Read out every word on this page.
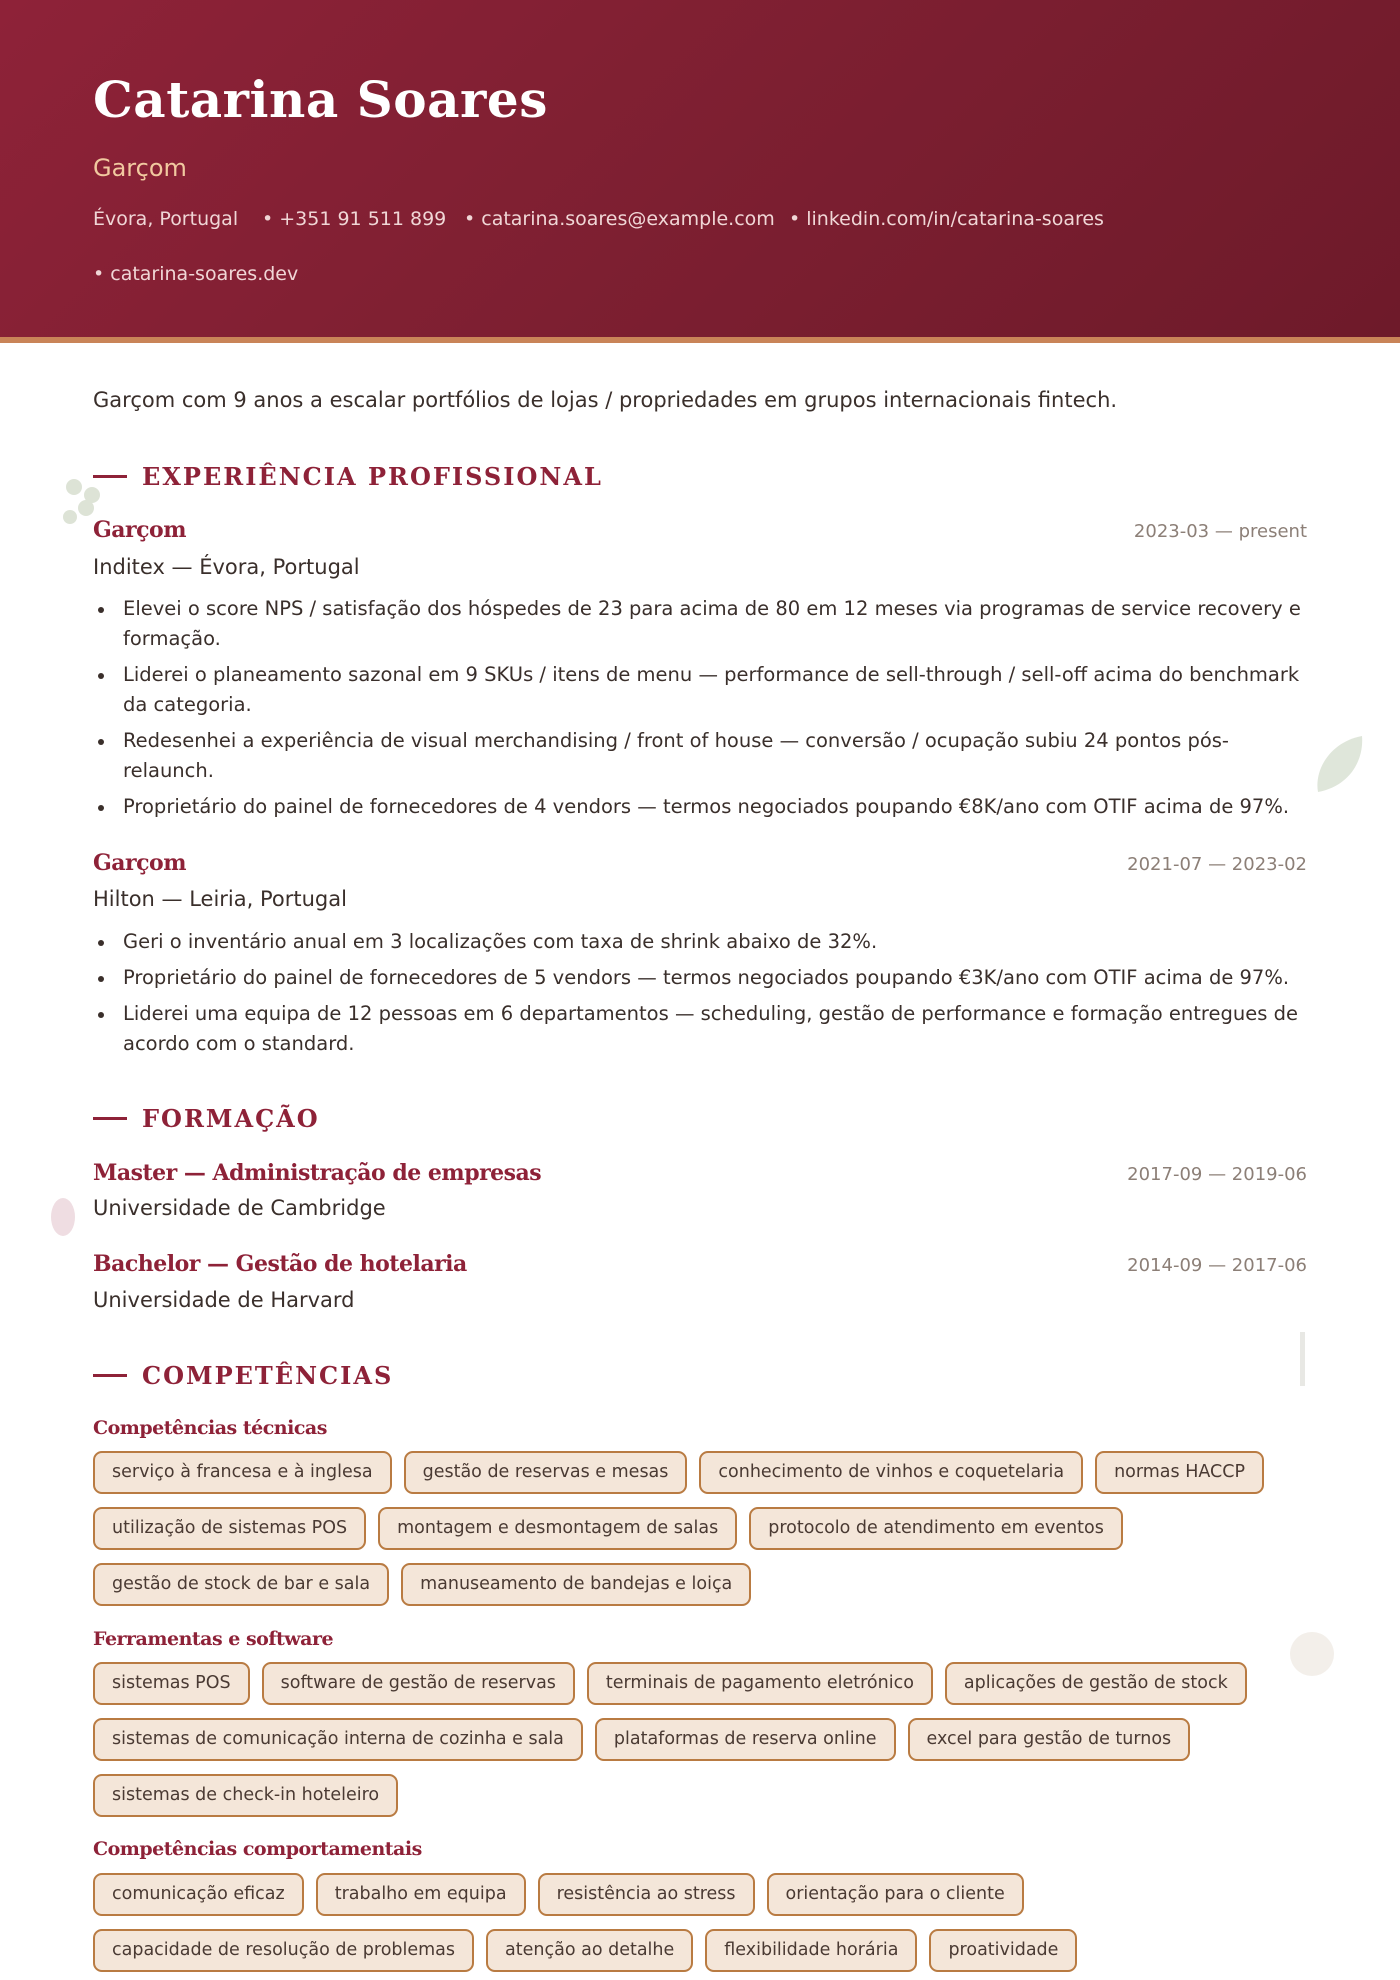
Catarina Soares
Garçom
Évora, Portugal • +351 91 511 899 • catarina.soares@example.com • linkedin.com/in/catarina-soares
• catarina-soares.dev
Garçom com 9 anos a escalar portfólios de lojas / propriedades em grupos internacionais fintech.
EXPERIÊNCIA PROFISSIONAL
Garçom	2023-03 — present
Inditex — Évora, Portugal
Elevei o score NPS / satisfação dos hóspedes de 23 para acima de 80 em 12 meses via programas de service recovery e formação.
Liderei o planeamento sazonal em 9 SKUs / itens de menu — performance de sell-through / sell-off acima do benchmark da categoria.
Redesenhei a experiência de visual merchandising / front of house — conversão / ocupação subiu 24 pontos pós-relaunch.
Proprietário do painel de fornecedores de 4 vendors — termos negociados poupando €8K/ano com OTIF acima de 97%.
Garçom	2021-07 — 2023-02
Hilton — Leiria, Portugal
Geri o inventário anual em 3 localizações com taxa de shrink abaixo de 32%.
Proprietário do painel de fornecedores de 5 vendors — termos negociados poupando €3K/ano com OTIF acima de 97%.
Liderei uma equipa de 12 pessoas em 6 departamentos — scheduling, gestão de performance e formação entregues de acordo com o standard.
FORMAÇÃO
Master — Administração de empresas	2017-09 — 2019-06
Universidade de Cambridge
Bachelor — Gestão de hotelaria	2014-09 — 2017-06
Universidade de Harvard
COMPETÊNCIAS
Competências técnicas
serviço à francesa e à inglesa	gestão de reservas e mesas	conhecimento de vinhos e coquetelaria	normas HACCP
utilização de sistemas POS	montagem e desmontagem de salas	protocolo de atendimento em eventos
gestão de stock de bar e sala	manuseamento de bandejas e loiça
Ferramentas e software
sistemas POS	software de gestão de reservas	terminais de pagamento eletrónico	aplicações de gestão de stock
sistemas de comunicação interna de cozinha e sala	plataformas de reserva online	excel para gestão de turnos
sistemas de check-in hoteleiro
Competências comportamentais
comunicação eficaz	trabalho em equipa	resistência ao stress	orientação para o cliente
capacidade de resolução de problemas	atenção ao detalhe	flexibilidade horária	proatividade
